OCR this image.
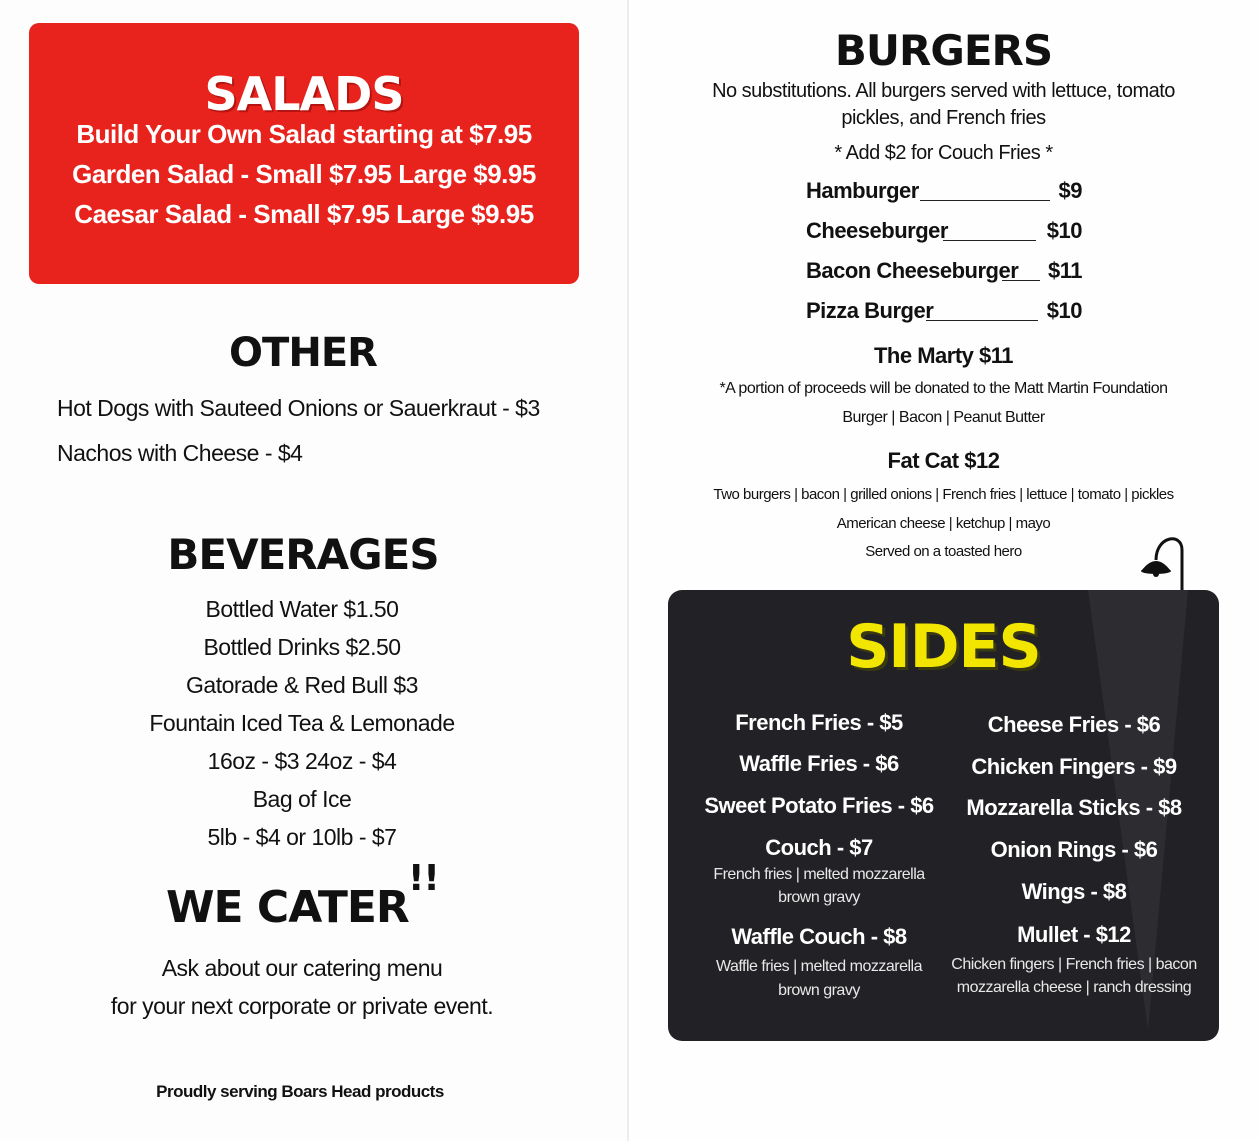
SALADS
Build Your Own Salad starting at $7.95
Garden Salad - Small $7.95 Large $9.95
Caesar Salad - Small $7.95 Large $9.95
OTHER
Hot Dogs with Sauteed Onions or Sauerkraut - $3
Nachos with Cheese - $4
BEVERAGES
Bottled Water $1.50
Bottled Drinks $2.50
Gatorade & Red Bull $3
Fountain Iced Tea & Lemonade
16oz - $3 24oz - $4
Bag of Ice
5lb - $4 or 10lb - $7
WE CATER
!!
Ask about our catering menu
for your next corporate or private event.
Proudly serving Boars Head products
BURGERS
No substitutions. All burgers served with lettuce, tomato
pickles, and French fries
* Add $2 for Couch Fries *
Hamburger	$9
Cheeseburger	$10
Bacon Cheeseburger $11
Pizza Burger	$10
The Marty $11
*A portion of proceeds will be donated to the Matt Martin Foundation
Burger | Bacon | Peanut Butter
Fat Cat $12
Two burgers | bacon | grilled onions | French fries | lettuce | tomato | pickles
American cheese | ketchup | mayo
Served on a toasted hero
SIDES
French Fries - $5
Waffle Fries - $6
Sweet Potato Fries - $6
Couch - $7
French fries | melted mozzarella
brown gravy
Waffle Couch - $8
Waffle fries | melted mozzarella
brown gravy
Cheese Fries - $6
Chicken Fingers - $9
Mozzarella Sticks - $8
Onion Rings - $6
Wings - $8
Mullet - $12
Chicken fingers | French fries | bacon
mozzarella cheese | ranch dressing
